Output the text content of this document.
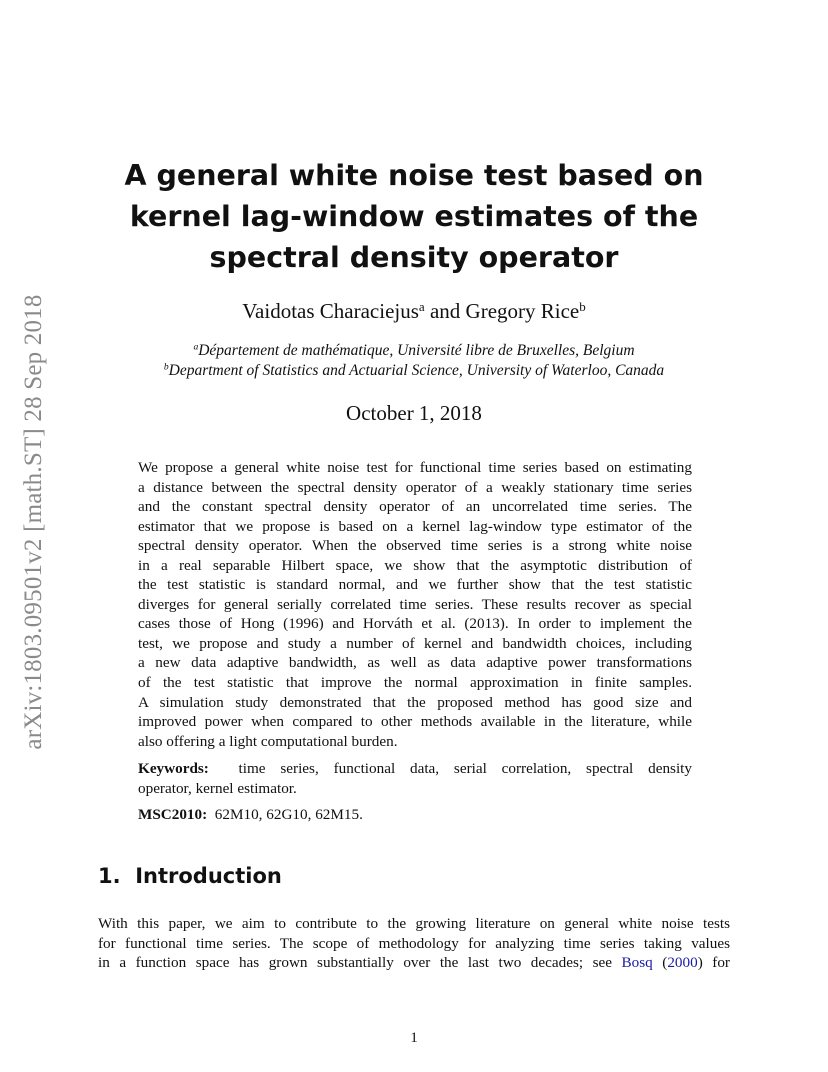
arXiv:1803.09501v2 [math.ST] 28 Sep 2018
A general white noise test based on
kernel lag-window estimates of the
spectral density operator
Vaidotas Characiejus$^a$ and Gregory Rice$^b$
$^a$Département de mathématique, Université libre de Bruxelles, Belgium
$^b$Department of Statistics and Actuarial Science, University of Waterloo, Canada
October 1, 2018
We propose a general white noise test for functional time series based on estimating
a distance between the spectral density operator of a weakly stationary time series
and the constant spectral density operator of an uncorrelated time series. The
estimator that we propose is based on a kernel lag-window type estimator of the
spectral density operator. When the observed time series is a strong white noise
in a real separable Hilbert space, we show that the asymptotic distribution of
the test statistic is standard normal, and we further show that the test statistic
diverges for general serially correlated time series. These results recover as special
cases those of Hong (1996) and Horváth et al. (2013). In order to implement the
test, we propose and study a number of kernel and bandwidth choices, including
a new data adaptive bandwidth, as well as data adaptive power transformations
of the test statistic that improve the normal approximation in finite samples.
A simulation study demonstrated that the proposed method has good size and
improved power when compared to other methods available in the literature, while
also offering a light computational burden.
Keywords: time series, functional data, serial correlation, spectral density
operator, kernel estimator.
MSC2010: 62M10, 62G10, 62M15.
1. Introduction
With this paper, we aim to contribute to the growing literature on general white noise tests
for functional time series. The scope of methodology for analyzing time series taking values
in a function space has grown substantially over the last two decades; see Bosq (2000) for
1
